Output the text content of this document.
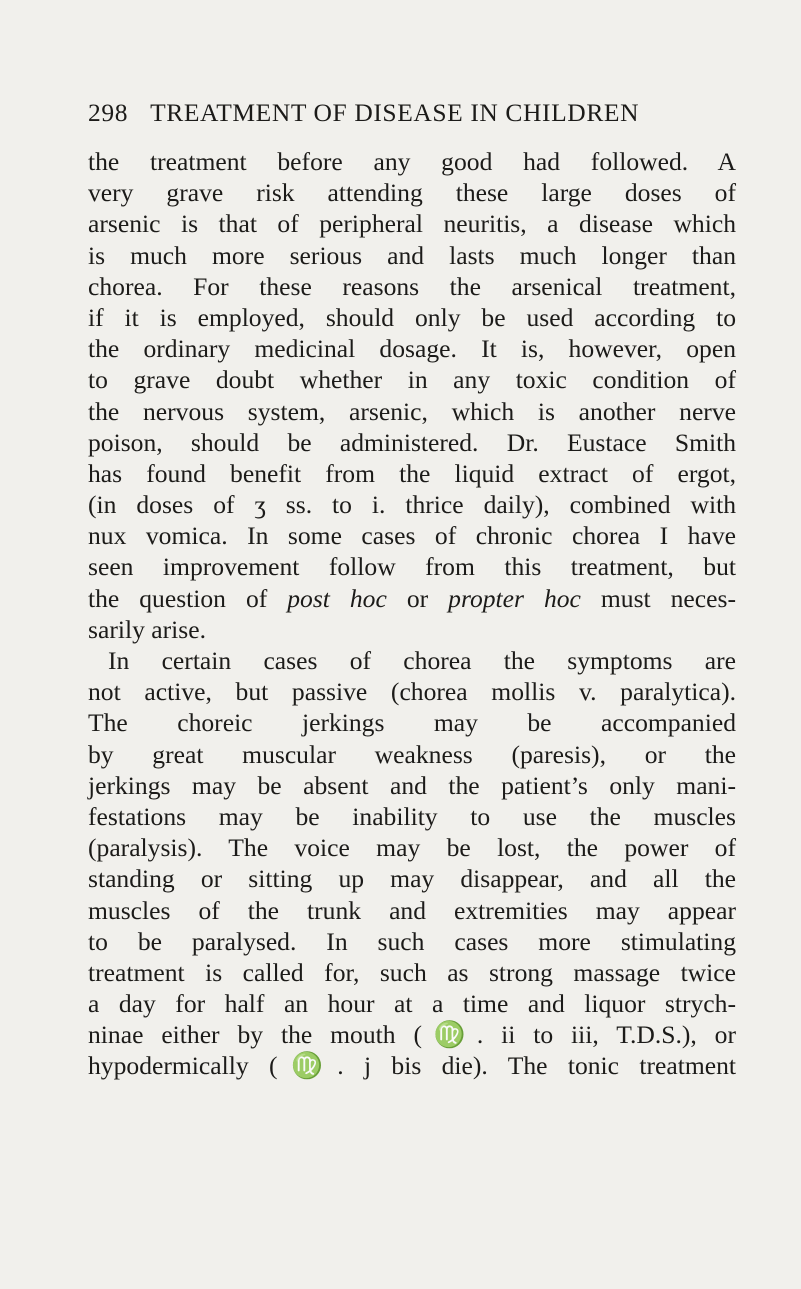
298 TREATMENT OF DISEASE IN CHILDREN
the treatment before any good had followed. A
very grave risk attending these large doses of
arsenic is that of peripheral neuritis, a disease which
is much more serious and lasts much longer than
chorea. For these reasons the arsenical treatment,
if it is employed, should only be used according to
the ordinary medicinal dosage. It is, however, open
to grave doubt whether in any toxic condition of
the nervous system, arsenic, which is another nerve
poison, should be administered. Dr. Eustace Smith
has found benefit from the liquid extract of ergot,
(in doses of ʒ ss. to i. thrice daily), combined with
nux vomica. In some cases of chronic chorea I have
seen improvement follow from this treatment, but
the question of post hoc or propter hoc must neces-
sarily arise.
In certain cases of chorea the symptoms are
not active, but passive (chorea mollis v. paralytica).
The choreic jerkings may be accompanied
by great muscular weakness (paresis), or the
jerkings may be absent and the patient’s only mani-
festations may be inability to use the muscles
(paralysis). The voice may be lost, the power of
standing or sitting up may disappear, and all the
muscles of the trunk and extremities may appear
to be paralysed. In such cases more stimulating
treatment is called for, such as strong massage twice
a day for half an hour at a time and liquor strych-
ninae either by the mouth (♍. ii to iii, T.D.S.), or
hypodermically (♍. j bis die). The tonic treatment
